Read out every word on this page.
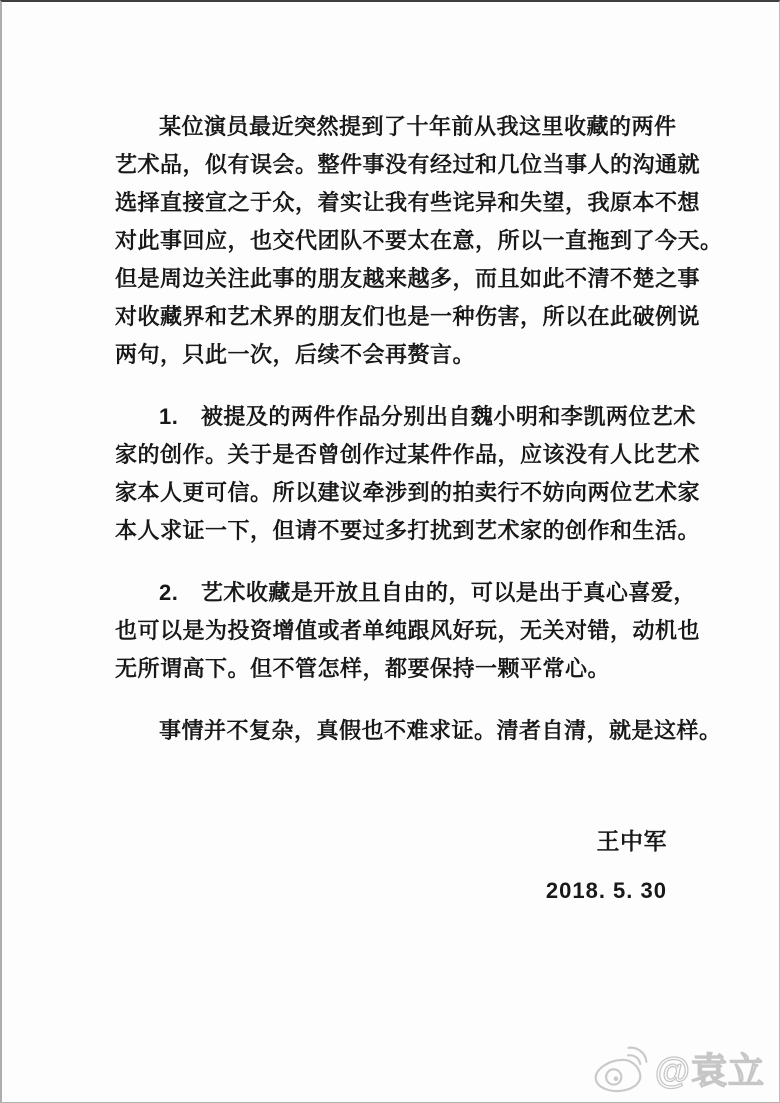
某位演员最近突然提到了十年前从我这里收藏的两件
艺术品，似有误会。整件事没有经过和几位当事人的沟通就
选择直接宣之于众，着实让我有些诧异和失望，我原本不想
对此事回应，也交代团队不要太在意，所以一直拖到了今天。
但是周边关注此事的朋友越来越多，而且如此不清不楚之事
对收藏界和艺术界的朋友们也是一种伤害，所以在此破例说
两句，只此一次，后续不会再赘言。
1.　被提及的两件作品分别出自魏小明和李凯两位艺术
家的创作。关于是否曾创作过某件作品，应该没有人比艺术
家本人更可信。所以建议牵涉到的拍卖行不妨向两位艺术家
本人求证一下，但请不要过多打扰到艺术家的创作和生活。
2.　艺术收藏是开放且自由的，可以是出于真心喜爱，
也可以是为投资增值或者单纯跟风好玩，无关对错，动机也
无所谓高下。但不管怎样，都要保持一颗平常心。
事情并不复杂，真假也不难求证。清者自清，就是这样。
王中军
2018. 5. 30
@袁立
